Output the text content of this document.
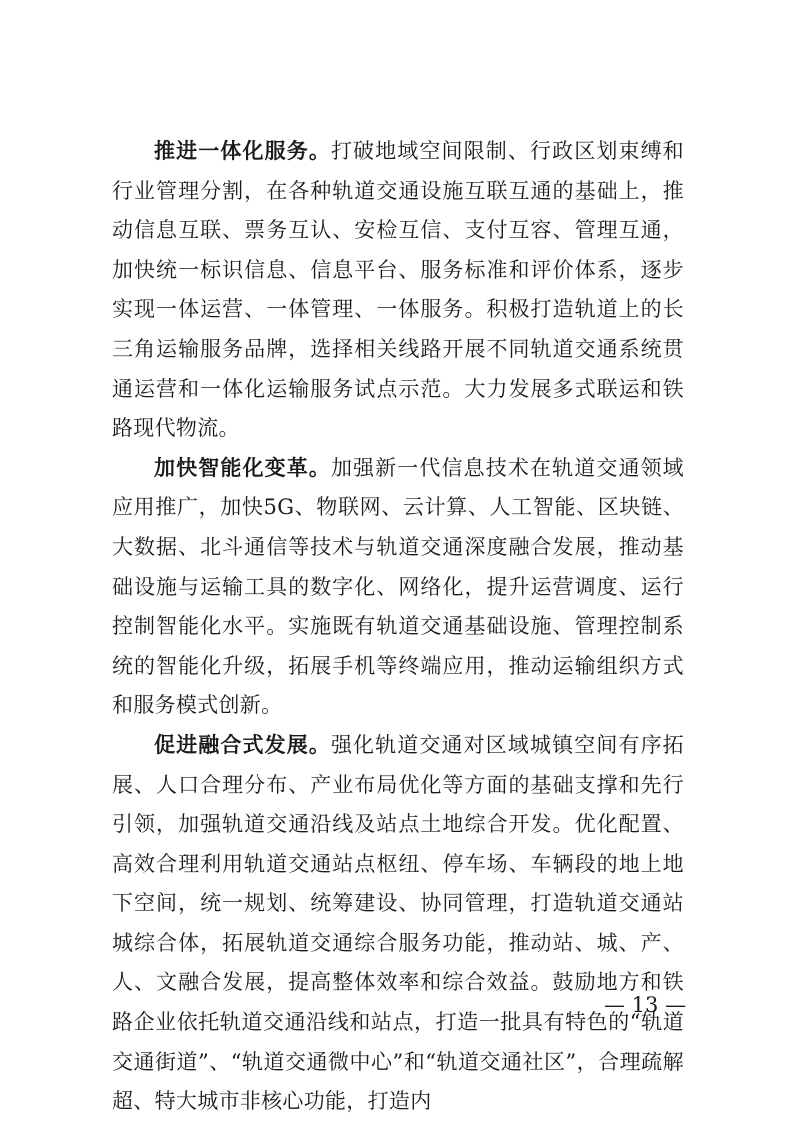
推进一体化服务。打破地域空间限制、行政区划束缚和行业管理分割，在各种轨道交通设施互联互通的基础上，推动信息互联、票务互认、安检互信、支付互容、管理互通，加快统一标识信息、信息平台、服务标准和评价体系，逐步实现一体运营、一体管理、一体服务。积极打造轨道上的长三角运输服务品牌，选择相关线路开展不同轨道交通系统贯通运营和一体化运输服务试点示范。大力发展多式联运和铁路现代物流。

加快智能化变革。加强新一代信息技术在轨道交通领域应用推广，加快5G、物联网、云计算、人工智能、区块链、大数据、北斗通信等技术与轨道交通深度融合发展，推动基础设施与运输工具的数字化、网络化，提升运营调度、运行控制智能化水平。实施既有轨道交通基础设施、管理控制系统的智能化升级，拓展手机等终端应用，推动运输组织方式和服务模式创新。

促进融合式发展。强化轨道交通对区域城镇空间有序拓展、人口合理分布、产业布局优化等方面的基础支撑和先行引领，加强轨道交通沿线及站点土地综合开发。优化配置、高效合理利用轨道交通站点枢纽、停车场、车辆段的地上地下空间，统一规划、统筹建设、协同管理，打造轨道交通站城综合体，拓展轨道交通综合服务功能，推动站、城、产、人、文融合发展，提高整体效率和综合效益。鼓励地方和铁路企业依托轨道交通沿线和站点，打造一批具有特色的“轨道交通街道”、“轨道交通微中心”和“轨道交通社区”，合理疏解超、特大城市非核心功能，打造内

— 13 —
